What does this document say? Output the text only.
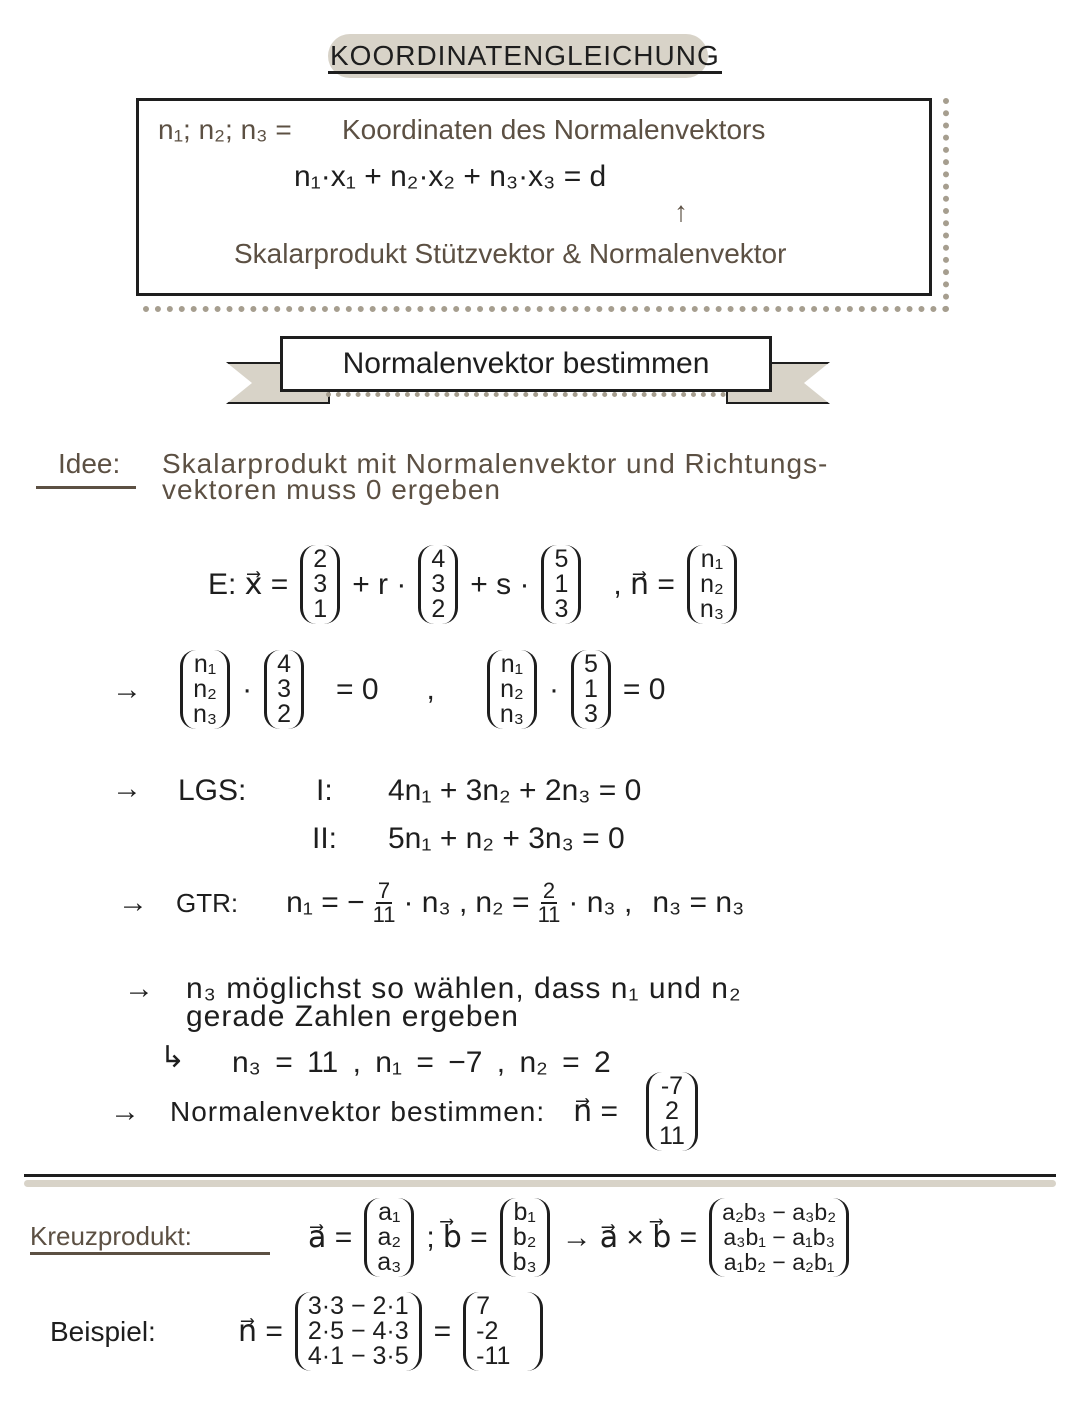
KOORDINATENGLEICHUNG
n₁; n₂; n₃ = Koordinaten des Normalenvektors
n₁·x₁ + n₂·x₂ + n₃·x₃ = d
↑
Skalarprodukt Stützvektor & Normalenvektor
Normalenvektor bestimmen
Idee: Skalarprodukt mit Normalenvektor und Richtungs-
vektoren muss 0 ergeben
E: x⃗ =
2
3
1
+ r ·
4
3
2
+ s ·
5
1
3
, n⃗ =
n₁
n₂
n₃
→
n₁
n₂
n₃
·
4
3
2
= 0 ,
n₁
n₂
n₃
·
5
1
3
= 0
→ LGS: I: 4n₁ + 3n₂ + 2n₃ = 0
II: 5n₁ + n₂ + 3n₃ = 0
→ GTR: n₁ = − $\frac{7}{11} \cdot n_3$ , $n_2 = \frac{2}{11} \cdot n_3$ , n₃ = n₃
→ n₃ möglichst so wählen, dass n₁ und n₂
gerade Zahlen ergeben
↳ n₃ = 11 , n₁ = −7 , n₂ = 2
→ Normalenvektor bestimmen: n⃗ =
-7
2
11
Kreuzprodukt:	a⃗ =
a₁
a₂
a₃
; b⃗ =
b₁
b₂
b₃
→ a⃗ × b⃗ =
a₂b₃ − a₃b₂
a₃b₁ − a₁b₃
a₁b₂ − a₂b₁
Beispiel:	n⃗ =
3·3 − 2·1
2·5 − 4·3
4·1 − 3·5
=
7
-2
-11
